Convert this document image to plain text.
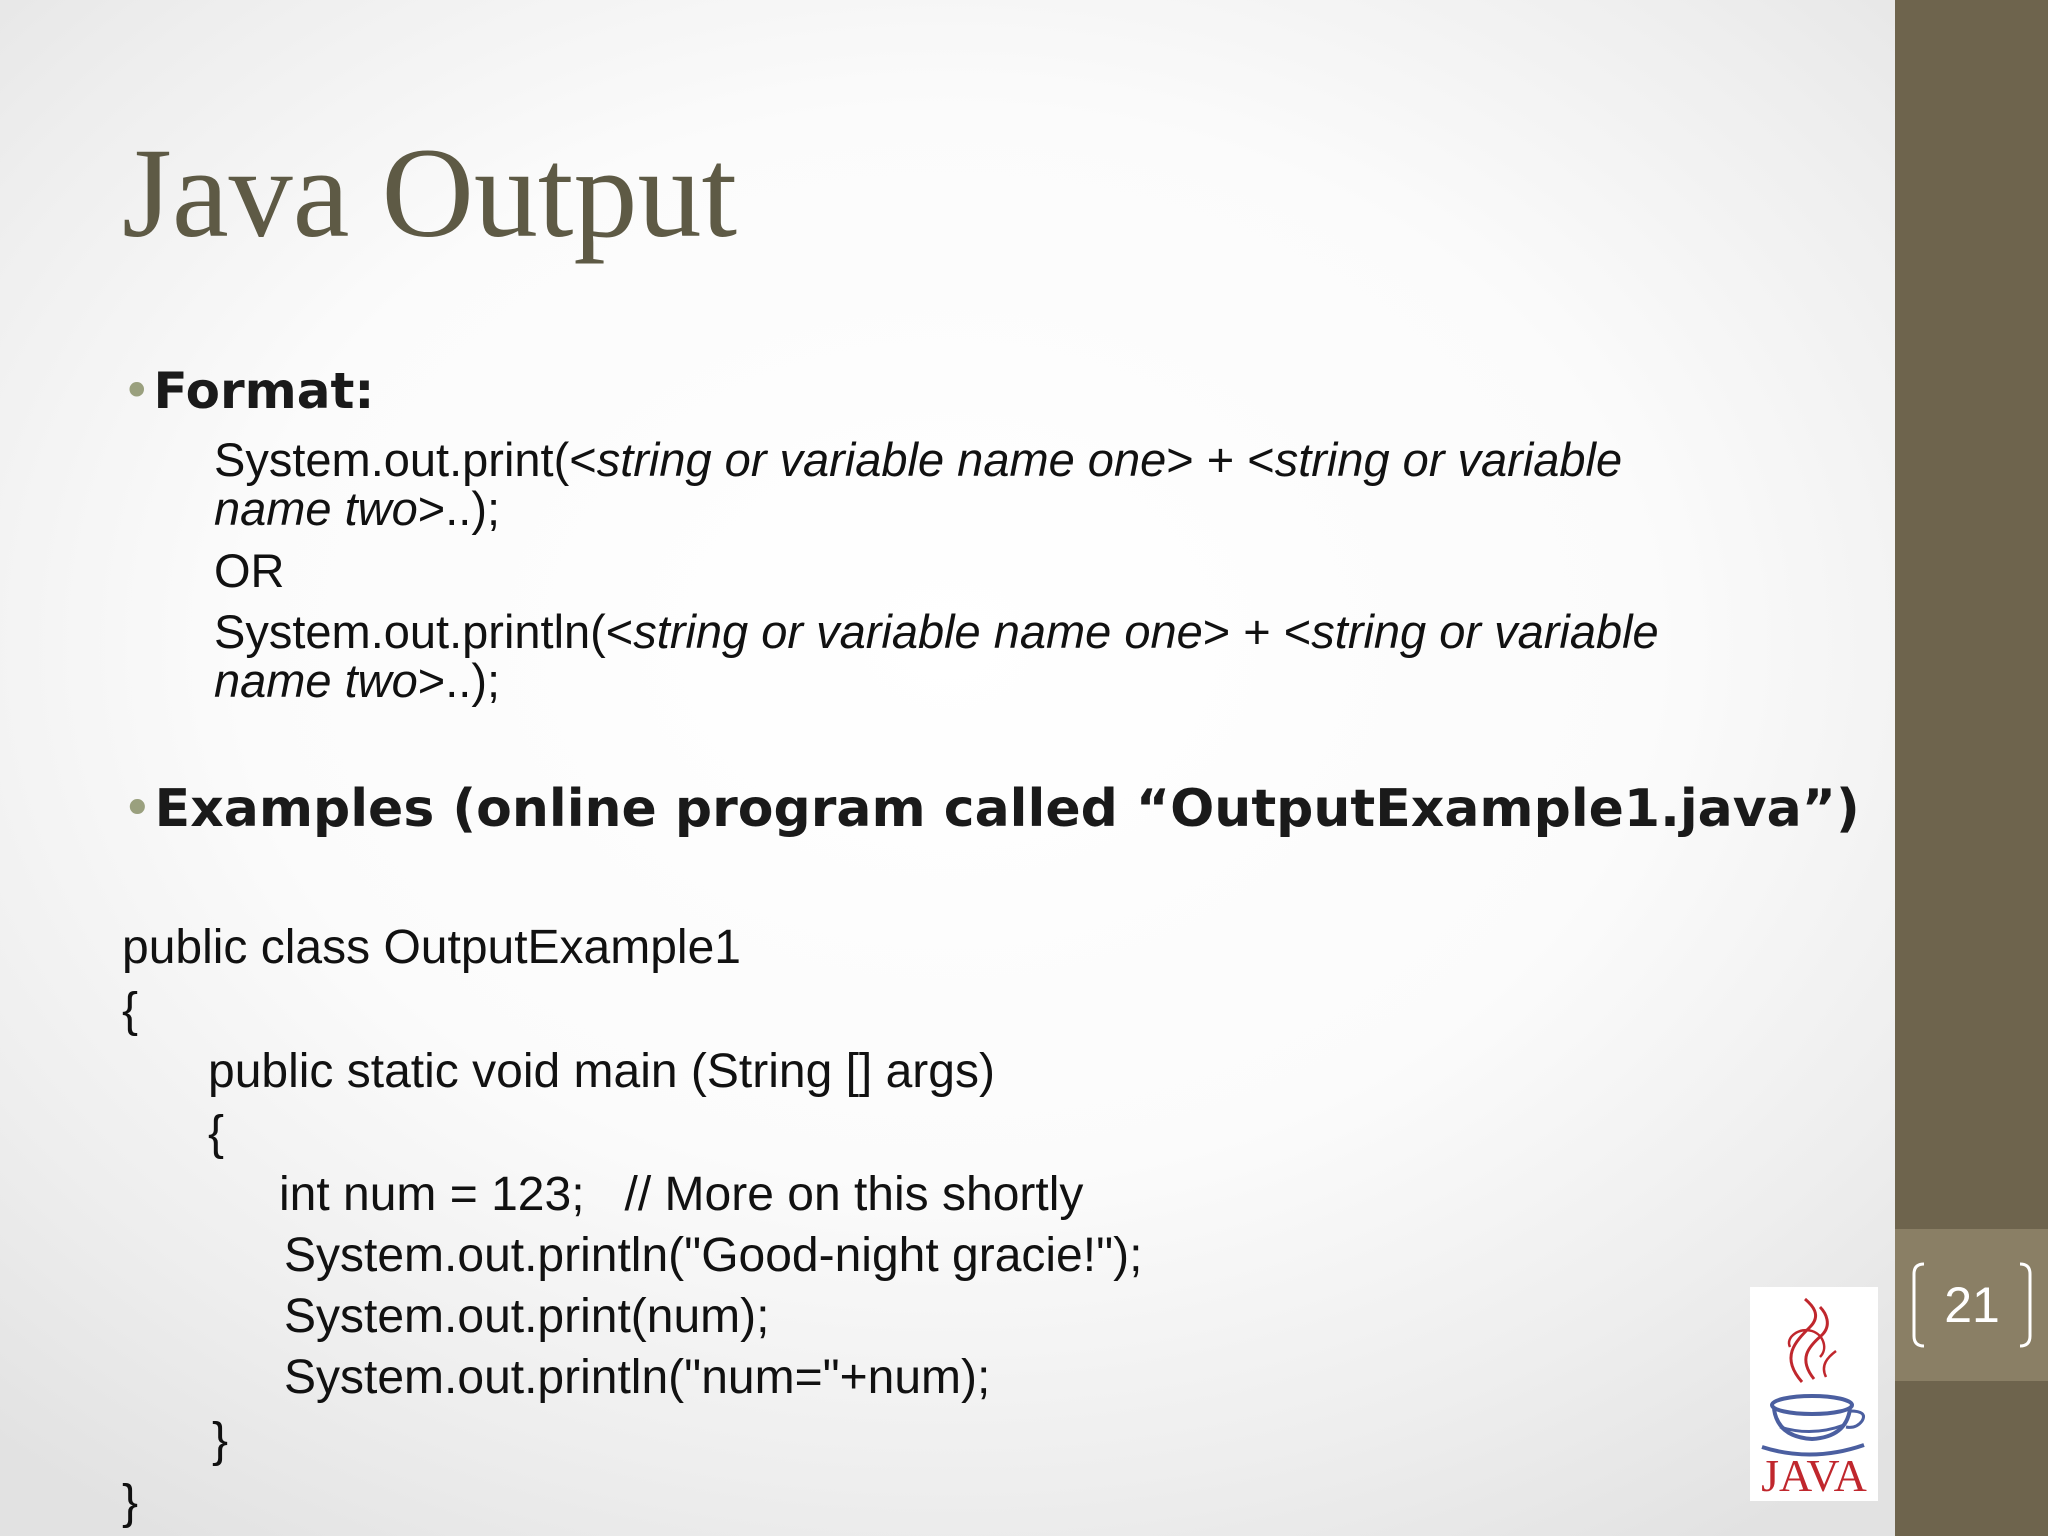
21
Java Output
•Format:
System.out.print(<string or variable name one> + <string or variable
name two>..);
OR
System.out.println(<string or variable name one> + <string or variable
name two>..);
•Examples (online program called “OutputExample1.java”)
public class OutputExample1
{
public static void main (String [] args)
{
int num = 123;   // More on this shortly
System.out.println("Good-night gracie!");
System.out.print(num);
System.out.println("num="+num);
}
}
JAVA
